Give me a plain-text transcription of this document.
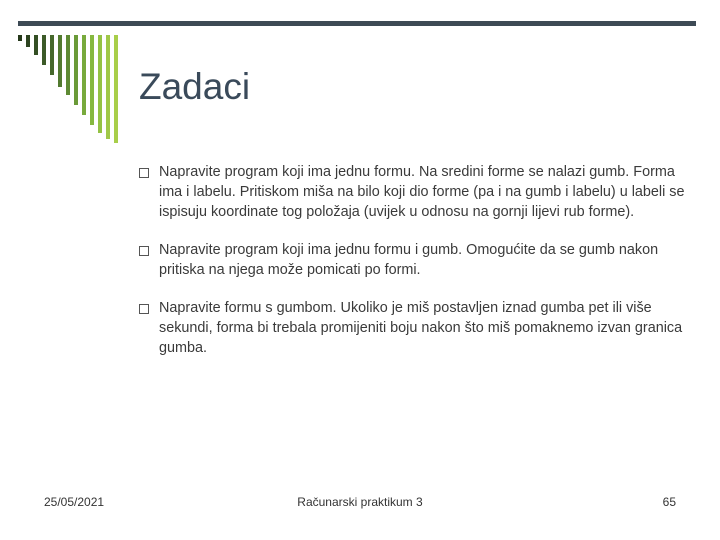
Zadaci
Napravite program koji ima jednu formu. Na sredini forme se nalazi gumb. Forma ima i labelu. Pritiskom miša na bilo koji dio forme (pa i na gumb i labelu) u labeli se ispisuju koordinate tog položaja (uvijek u odnosu na gornji lijevi rub forme).
Napravite program koji ima jednu formu i gumb. Omogućite da se gumb nakon pritiska na njega može pomicati po formi.
Napravite formu s gumbom. Ukoliko je miš postavljen iznad gumba pet ili više sekundi, forma bi trebala promijeniti boju nakon što miš pomaknemo izvan granica gumba.
25/05/2021	Računarski praktikum 3	65
